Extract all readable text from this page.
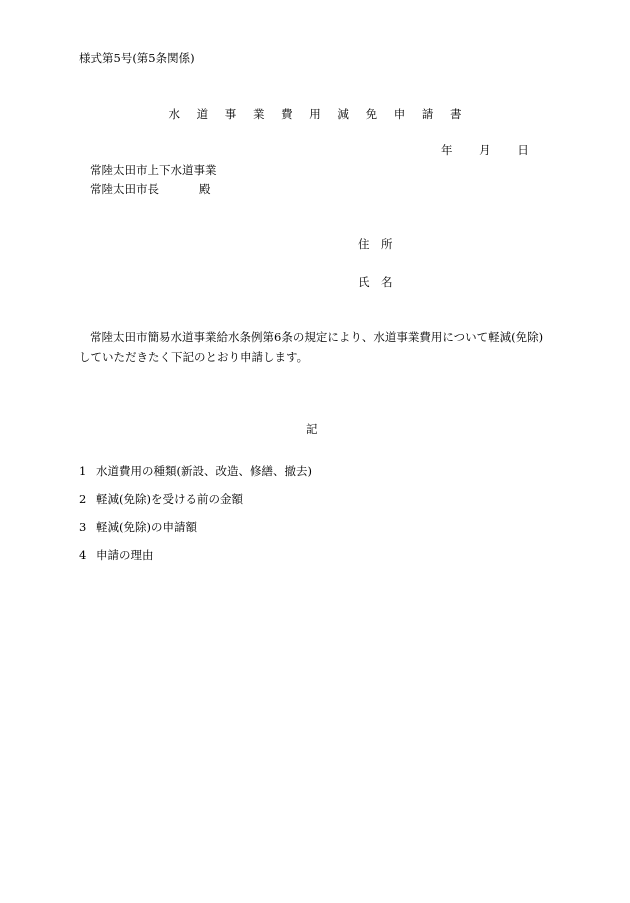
様式第5号(第5条関係)
水 道 事 業 費 用 減 免 申 請 書
年 月 日
常陸太田市上下水道事業
常陸太田市長	殿
住　所
氏　名
常陸太田市簡易水道事業給水条例第6条の規定により、水道事業費用について軽減(免除)していただきたく下記のとおり申請します。
記
1 水道費用の種類(新設、改造、修繕、撤去)
2 軽減(免除)を受ける前の金額
3 軽減(免除)の申請額
4 申請の理由
